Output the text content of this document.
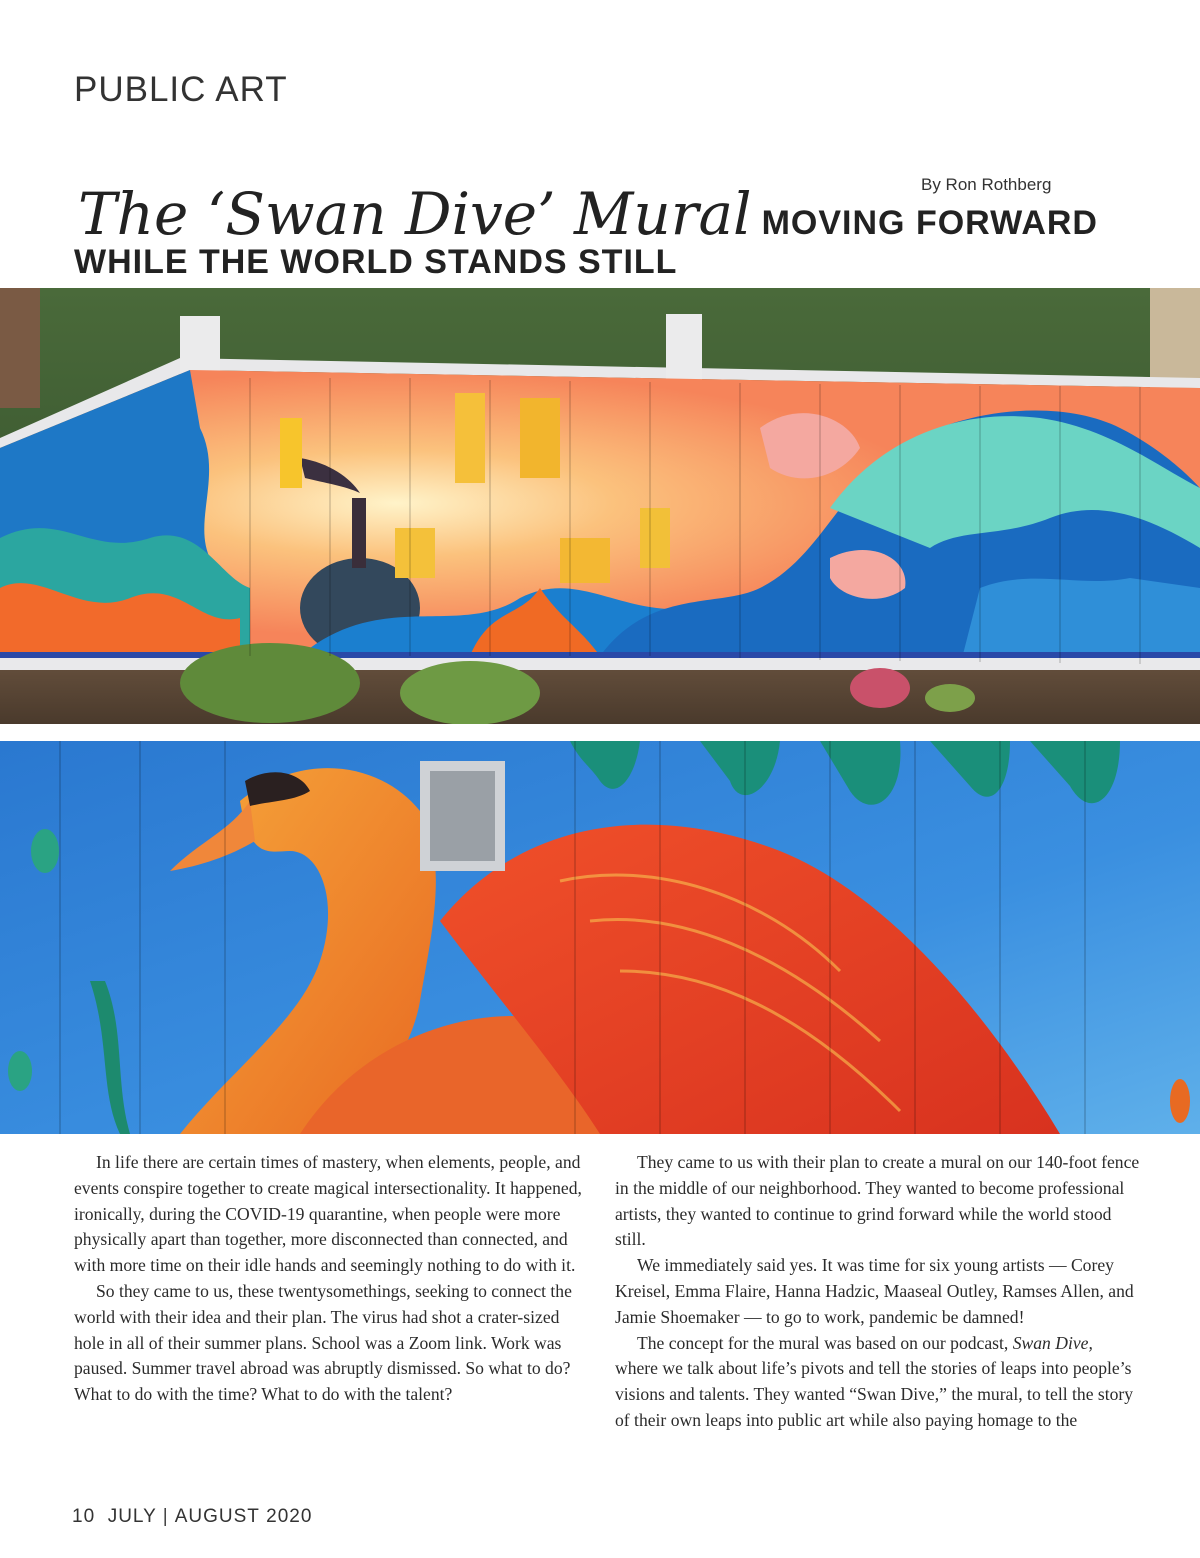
PUBLIC ART
By Ron Rothberg
The ‘Swan Dive’ Mural MOVING FORWARD
WHILE THE WORLD STANDS STILL

In life there are certain times of mastery, when elements, people, and events conspire together to create magical intersectionality. It happened, ironically, during the COVID-19 quarantine, when people were more physically apart than together, more disconnected than connected, and with more time on their idle hands and seemingly nothing to do with it.

So they came to us, these twentysomethings, seeking to connect the world with their idea and their plan. The virus had shot a crater-sized hole in all of their summer plans. School was a Zoom link. Work was paused. Summer travel abroad was abruptly dismissed. So what to do? What to do with the time? What to do with the talent?

They came to us with their plan to create a mural on our 140-foot fence in the middle of our neighborhood. They wanted to become professional artists, they wanted to continue to grind forward while the world stood still.

We immediately said yes. It was time for six young artists — Corey Kreisel, Emma Flaire, Hanna Hadzic, Maaseal Outley, Ramses Allen, and Jamie Shoemaker — to go to work, pandemic be damned!

The concept for the mural was based on our podcast, Swan Dive, where we talk about life’s pivots and tell the stories of leaps into people’s visions and talents. They wanted “Swan Dive,” the mural, to tell the story of their own leaps into public art while also paying homage to the

10 JULY | AUGUST 2020
